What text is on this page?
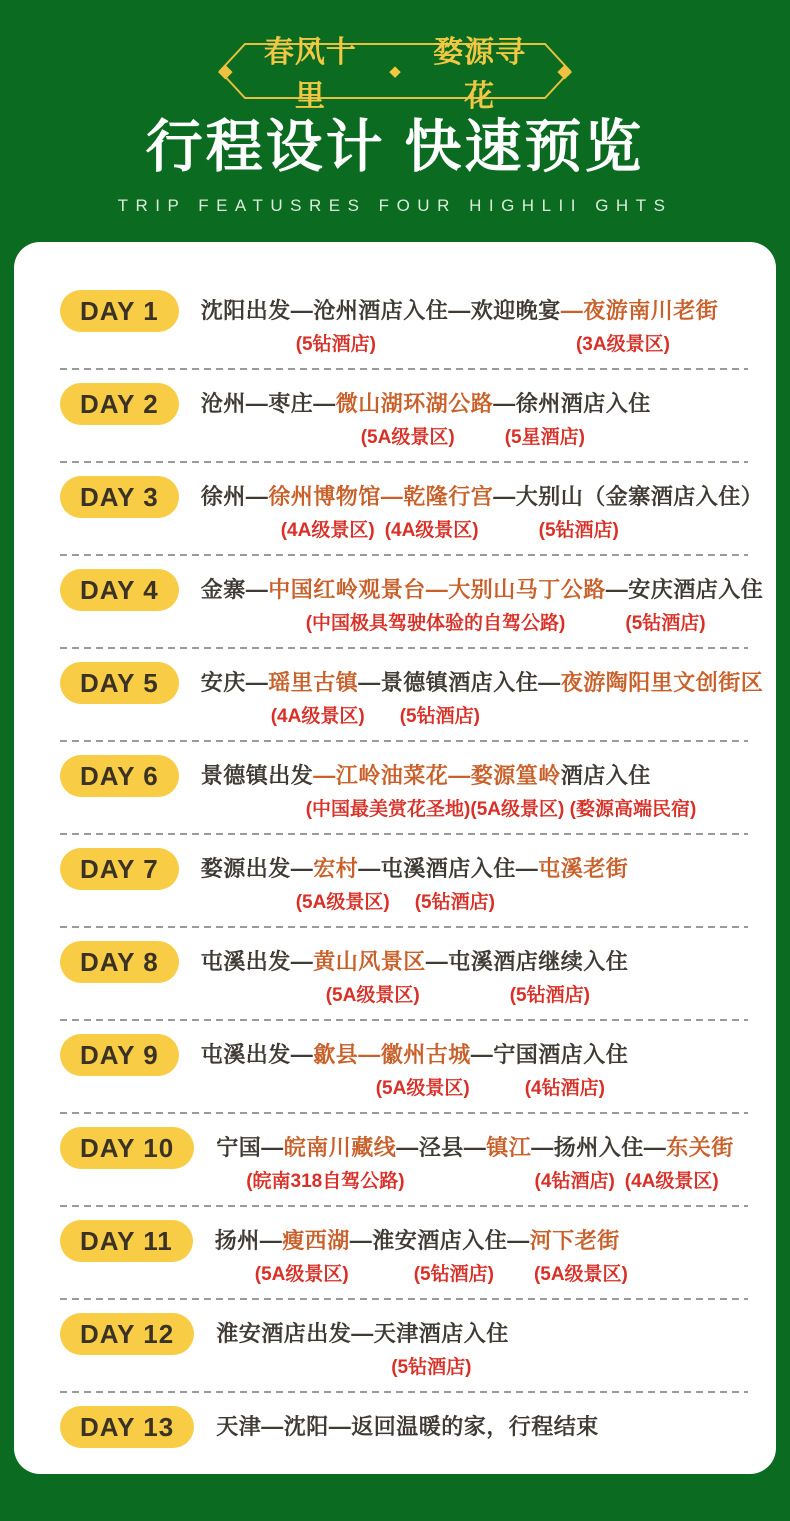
◆
春风十里
◆
婺源寻花
◆
行程设计 快速预览
TRIP FEATUSRES FOUR HIGHLII GHTS
DAY 1	沈阳出发—沧州酒店入住—欢迎晚宴—夜游南川老街

(5钻酒店)	(3A级景区)

DAY 2	沧州—枣庄—微山湖环湖公路—徐州酒店入住

(5A级景区)	(5星酒店)

DAY 3	徐州—徐州博物馆—乾隆行宫—大别山（金寨酒店入住）

(4A级景区) (4A级景区)	(5钻酒店)

DAY 4	金寨—中国红岭观景台—大别山马丁公路—安庆酒店入住

(中国极具驾驶体验的自驾公路)	(5钻酒店)

DAY 5	安庆—瑶里古镇—景德镇酒店入住—夜游陶阳里文创街区

(4A级景区) (5钻酒店)

DAY 6	景德镇出发—江岭油菜花—婺源篁岭酒店入住

(中国最美赏花圣地)(5A级景区) (婺源高端民宿)

DAY 7	婺源出发—宏村—屯溪酒店入住—屯溪老街

(5A级景区) (5钻酒店)

DAY 8	屯溪出发—黄山风景区—屯溪酒店继续入住

(5A级景区)	(5钻酒店)

DAY 9	屯溪出发—歙县—徽州古城—宁国酒店入住

(5A级景区)	(4钻酒店)

DAY 10	宁国—皖南川藏线—泾县—镇江—扬州入住—东关街

(皖南318自驾公路)	(4钻酒店) (4A级景区)

DAY 11	扬州—瘦西湖—淮安酒店入住—河下老街

(5A级景区)	(5钻酒店) (5A级景区)

DAY 12	淮安酒店出发—天津酒店入住

(5钻酒店)

DAY 13	天津—沈阳—返回温暖的家，行程结束
